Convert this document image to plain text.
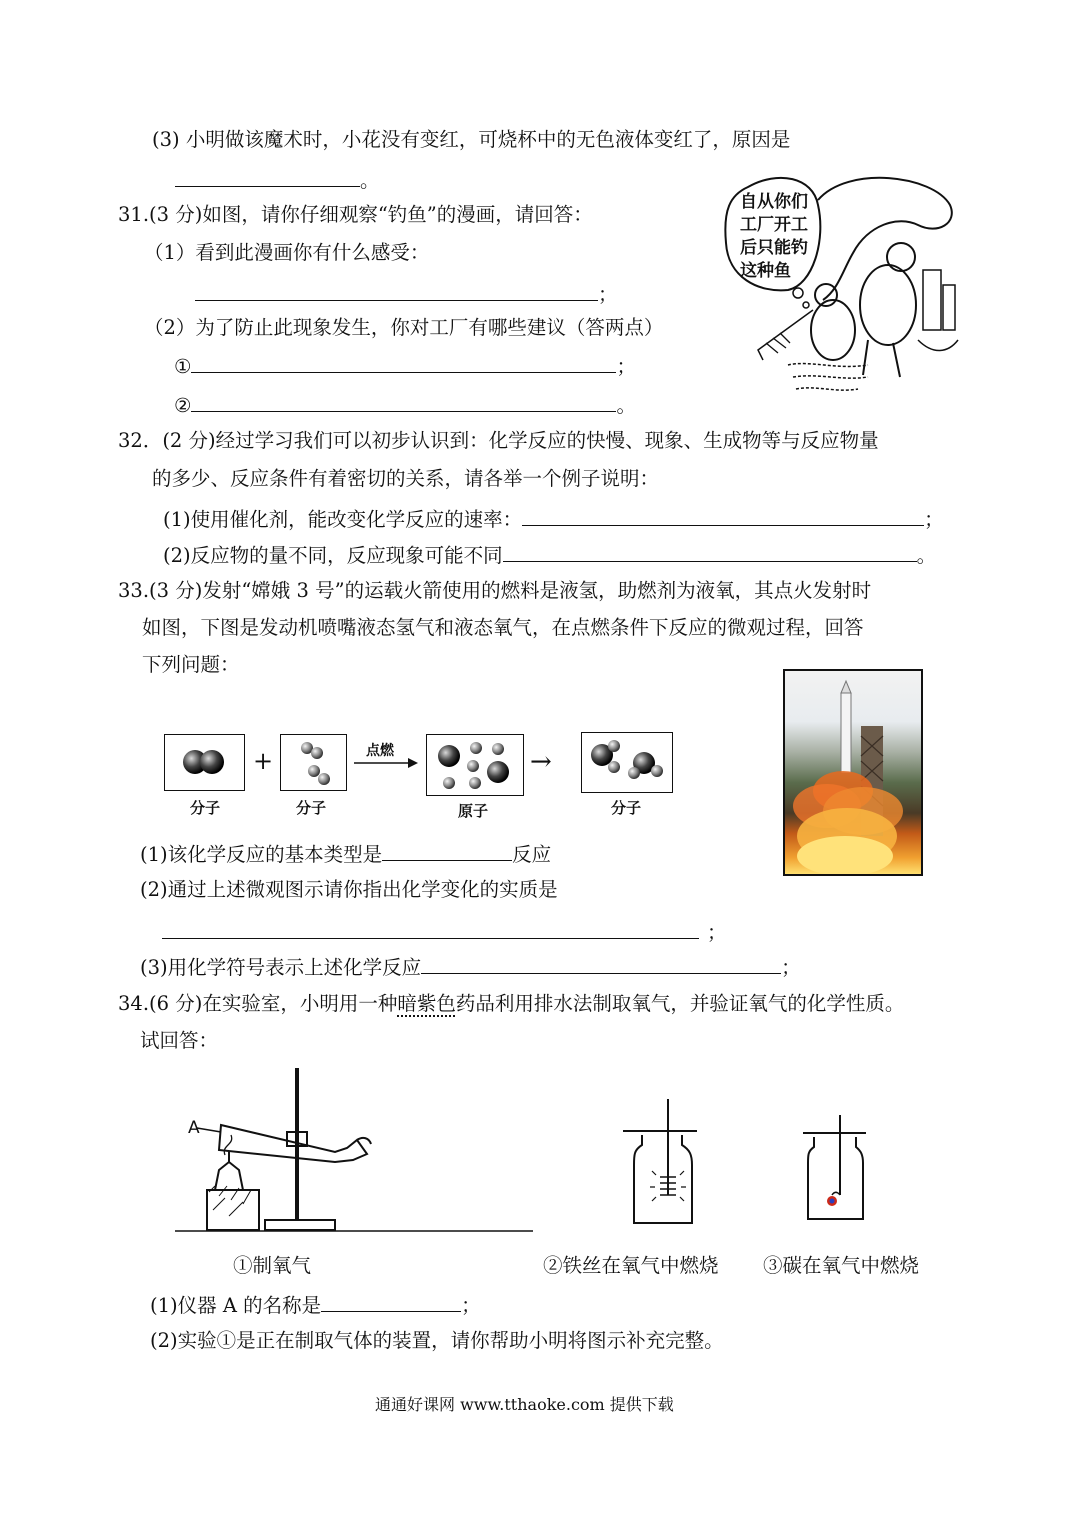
(3) 小明做该魔术时，小花没有变红，可烧杯中的无色液体变红了，原因是
。
31.(3 分)如图，请你仔细观察“钓鱼”的漫画，请回答：
（1）看到此漫画你有什么感受：
；
（2）为了防止此现象发生，你对工厂有哪些建议（答两点）
①	；
②	。
自从你们
工厂开工
后只能钓
这种鱼
32．(2 分)经过学习我们可以初步认识到：化学反应的快慢、现象、生成物等与反应物量
的多少、反应条件有着密切的关系，请各举一个例子说明：
(1)使用催化剂，能改变化学反应的速率：	；
(2)反应物的量不同，反应现象可能不同	。
33.(3 分)发射“嫦娥 3 号”的运载火箭使用的燃料是液氢，助燃剂为液氧，其点火发射时
如图，下图是发动机喷嘴液态氢气和液态氧气，在点燃条件下反应的微观过程，回答
下列问题：
分子
+
分子
点燃
原子
→
分子
(1)该化学反应的基本类型是	反应
(2)通过上述微观图示请你指出化学变化的实质是
；
(3)用化学符号表示上述化学反应	；
34.(6 分)在实验室，小明用一种暗紫色药品利用排水法制取氧气，并验证氧气的化学性质。
试回答：
A
①制氧气	②铁丝在氧气中燃烧 ③碳在氧气中燃烧
(1)仪器 A 的名称是	；
(2)实验①是正在制取气体的装置，请你帮助小明将图示补充完整。
通通好课网 www.tthaoke.com 提供下载
